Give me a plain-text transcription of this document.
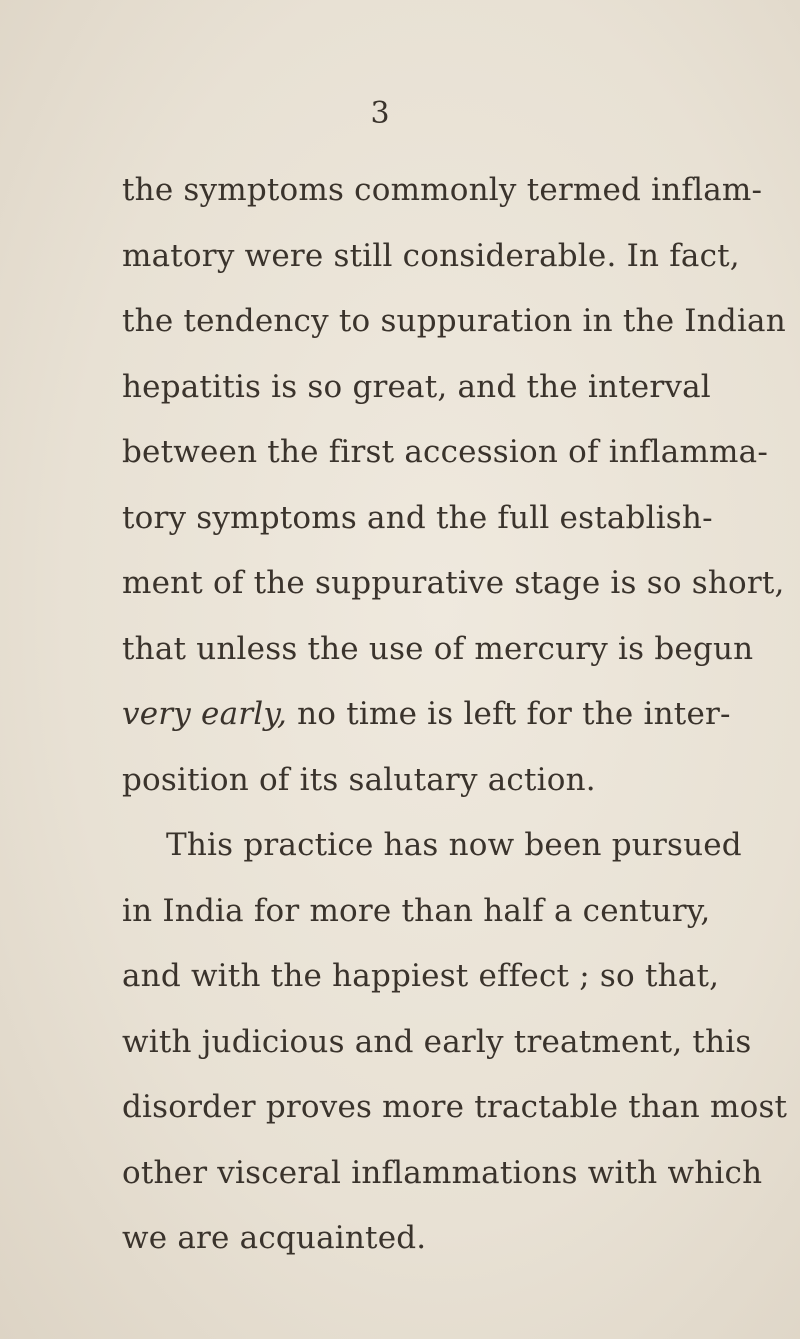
3
the symptoms commonly termed inflam-
matory were still considerable. In fact,
the tendency to suppuration in the Indian
hepatitis is so great, and the interval
between the first accession of inflamma-
tory symptoms and the full establish-
ment of the suppurative stage is so short,
that unless the use of mercury is begun
very early, no time is left for the inter-
position of its salutary action.
This practice has now been pursued
in India for more than half a century,
and with the happiest effect ; so that,
with judicious and early treatment, this
disorder proves more tractable than most
other visceral inflammations with which
we are acquainted.
